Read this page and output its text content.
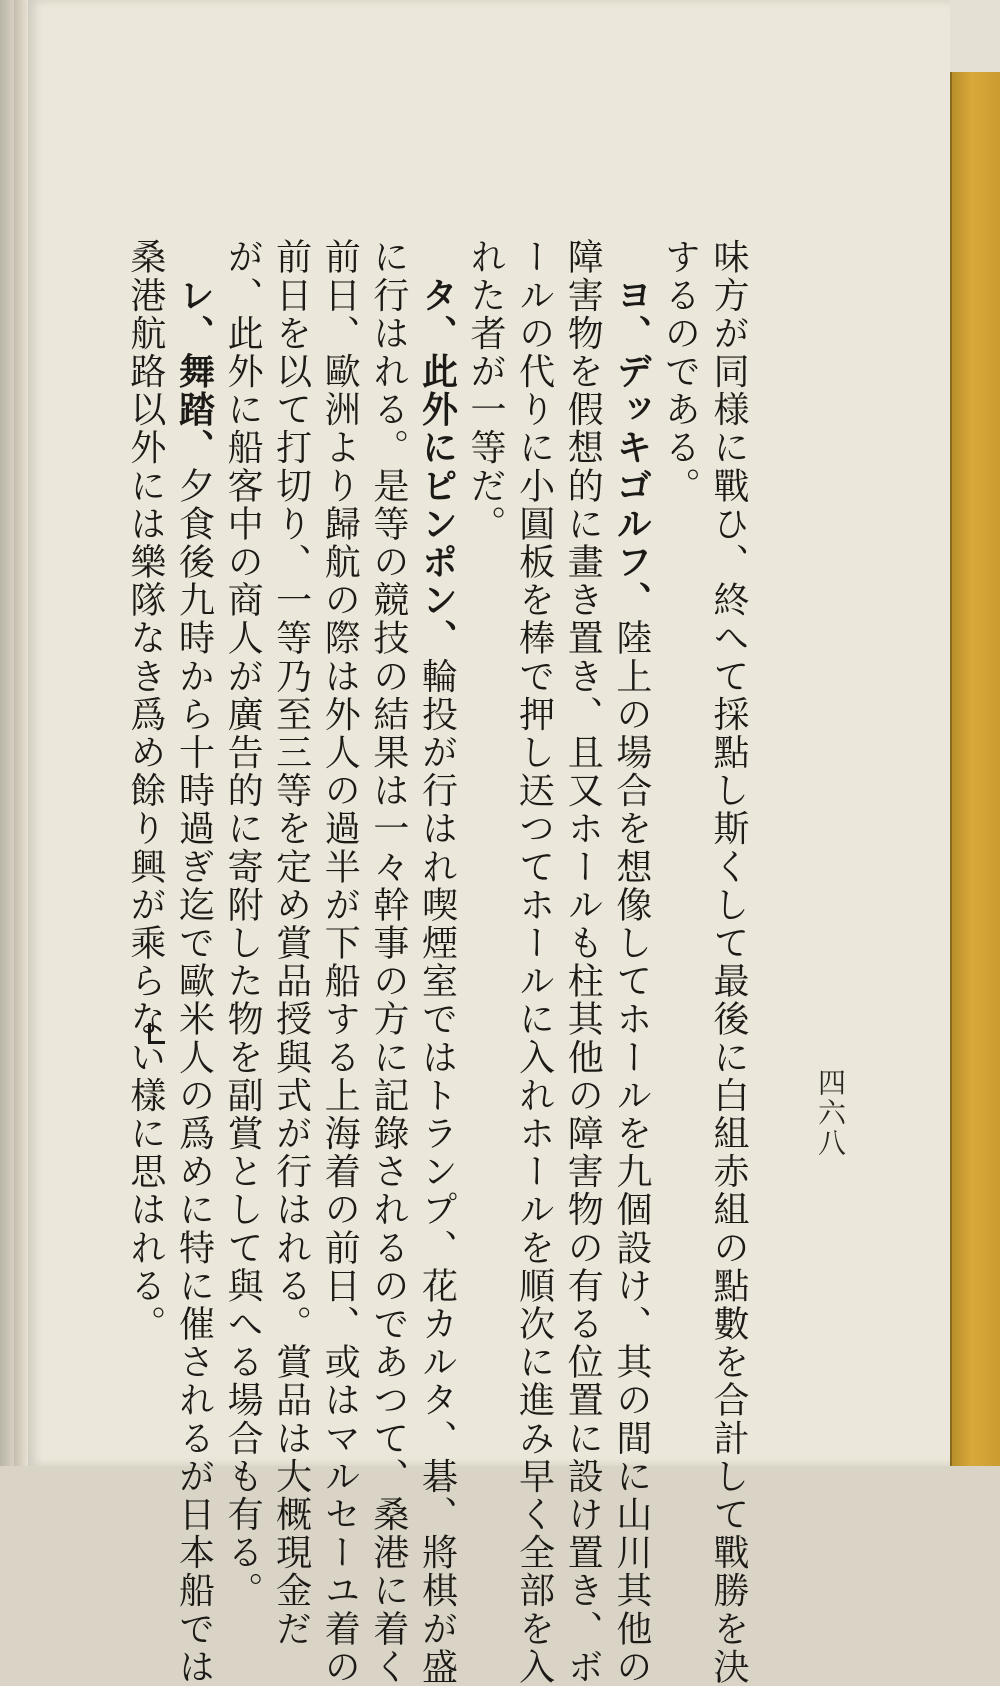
味方が同様に戰ひ、終へて採點し斯くして最後に白組赤組の點數を合計して戰勝を決
するのである。
　ヨ、デッキゴルフ、陸上の場合を想像してホールを九個設け、其の間に山川其他の
障害物を假想的に畫き置き、且又ホールも柱其他の障害物の有る位置に設け置き、ボ
ールの代りに小圓板を棒で押し迗つてホールに入れホールを順次に進み早く全部を入
れた者が一等だ。
　タ、此外にピンポン、輪投が行はれ喫煙室ではトランプ、花カルタ、碁、將棋が盛
に行はれる。是等の競技の結果は一々幹事の方に記錄されるのであつて、桑港に着く
前日、歐洲より歸航の際は外人の過半が下船する上海着の前日、或はマルセーユ着の
前日を以て打切り、一等乃至三等を定め賞品授與式が行はれる。賞品は大概現金だ
が、此外に船客中の商人が廣告的に寄附した物を副賞として與へる場合も有る。
　レ、舞踏、夕食後九時から十時過ぎ迄で歐米人の爲めに特に催されるが日本船では
桑港航路以外には樂隊なき爲め餘り興が乘らない樣に思はれる。	四六八
